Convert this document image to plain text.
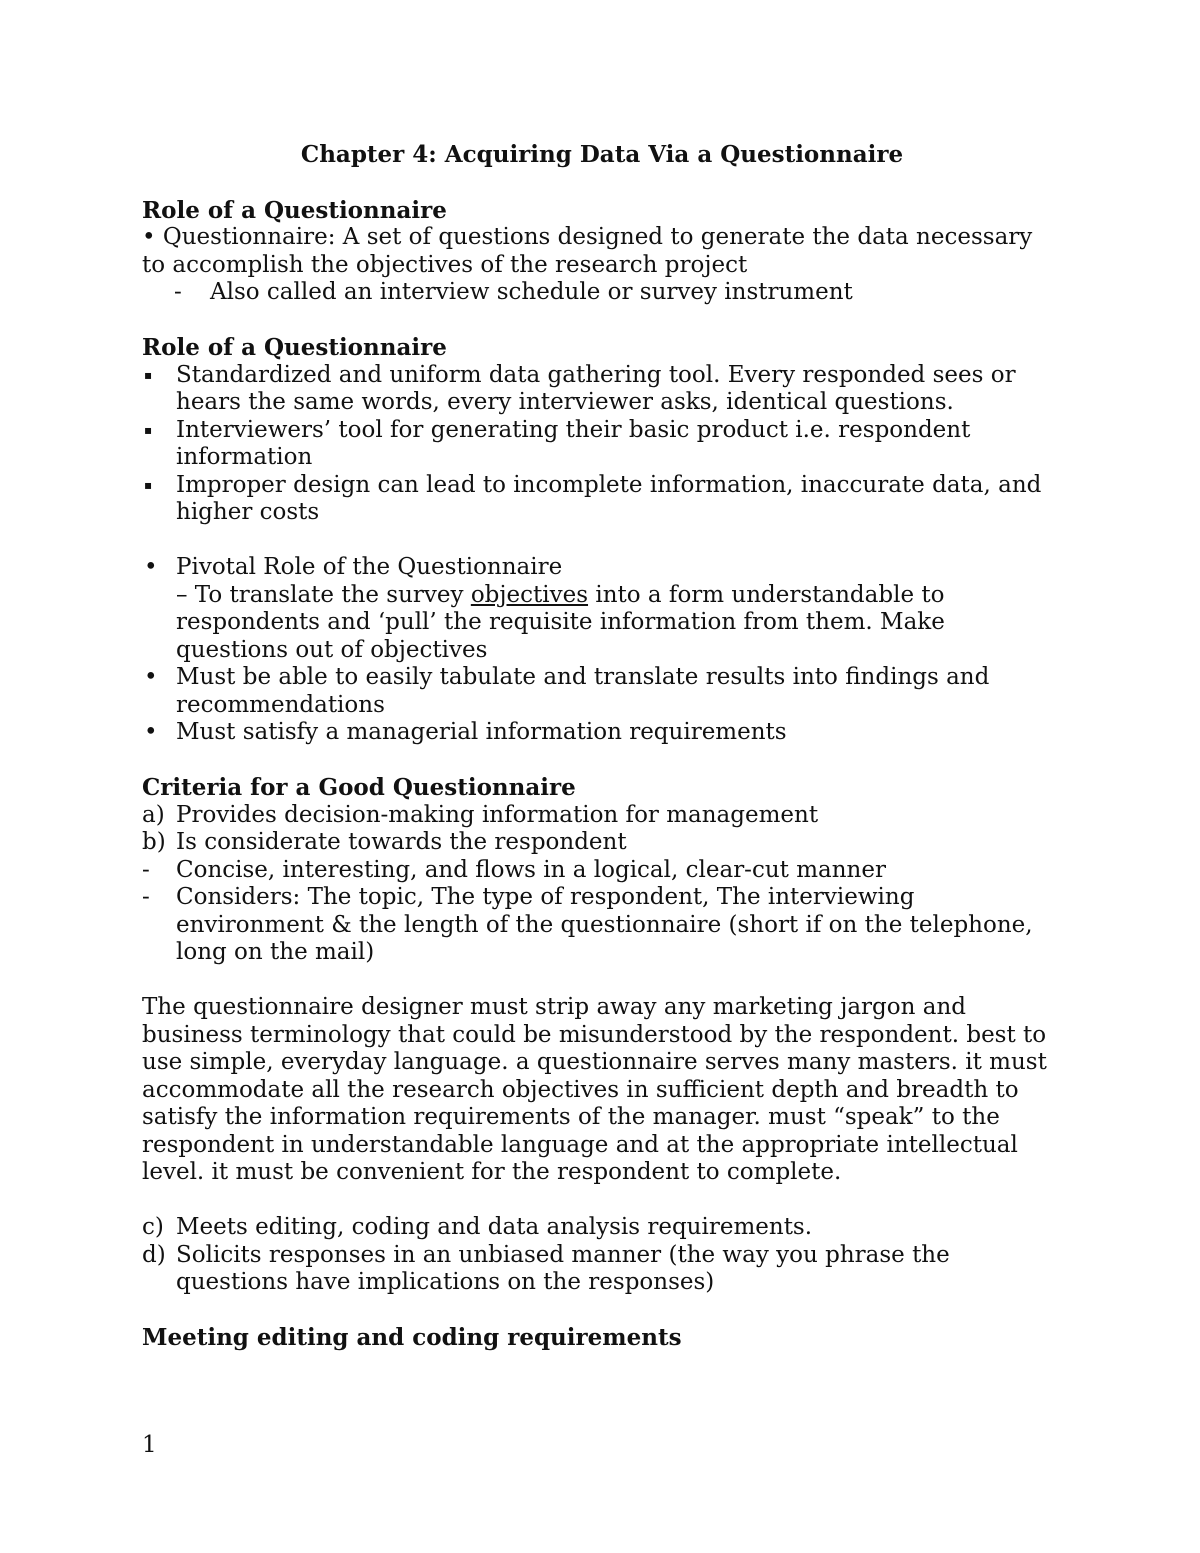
Chapter 4: Acquiring Data Via a Questionnaire
Role of a Questionnaire
• Questionnaire: A set of questions designed to generate the data necessary
to accomplish the objectives of the research project
-	Also called an interview schedule or survey instrument
Role of a Questionnaire
▪	Standardized and uniform data gathering tool. Every responded sees or hears the same words, every interviewer asks, identical questions.
▪	Interviewers’ tool for generating their basic product i.e. respondent information
▪	Improper design can lead to incomplete information, inaccurate data, and higher costs
• Pivotal Role of the Questionnaire
– To translate the survey objectives into a form understandable to respondents and ‘pull’ the requisite information from them. Make questions out of objectives
• Must be able to easily tabulate and translate results into findings and recommendations
• Must satisfy a managerial information requirements
Criteria for a Good Questionnaire
a) Provides decision-making information for management
b) Is considerate towards the respondent
-	Concise, interesting, and flows in a logical, clear-cut manner
-	Considers: The topic, The type of respondent, The interviewing environment & the length of the questionnaire (short if on the telephone, long on the mail)
The questionnaire designer must strip away any marketing jargon and business terminology that could be misunderstood by the respondent. best to use simple, everyday language. a questionnaire serves many masters. it must accommodate all the research objectives in sufficient depth and breadth to satisfy the information requirements of the manager. must “speak” to the respondent in understandable language and at the appropriate intellectual level. it must be convenient for the respondent to complete.
c) Meets editing, coding and data analysis requirements.
d) Solicits responses in an unbiased manner (the way you phrase the questions have implications on the responses)
Meeting editing and coding requirements
1
